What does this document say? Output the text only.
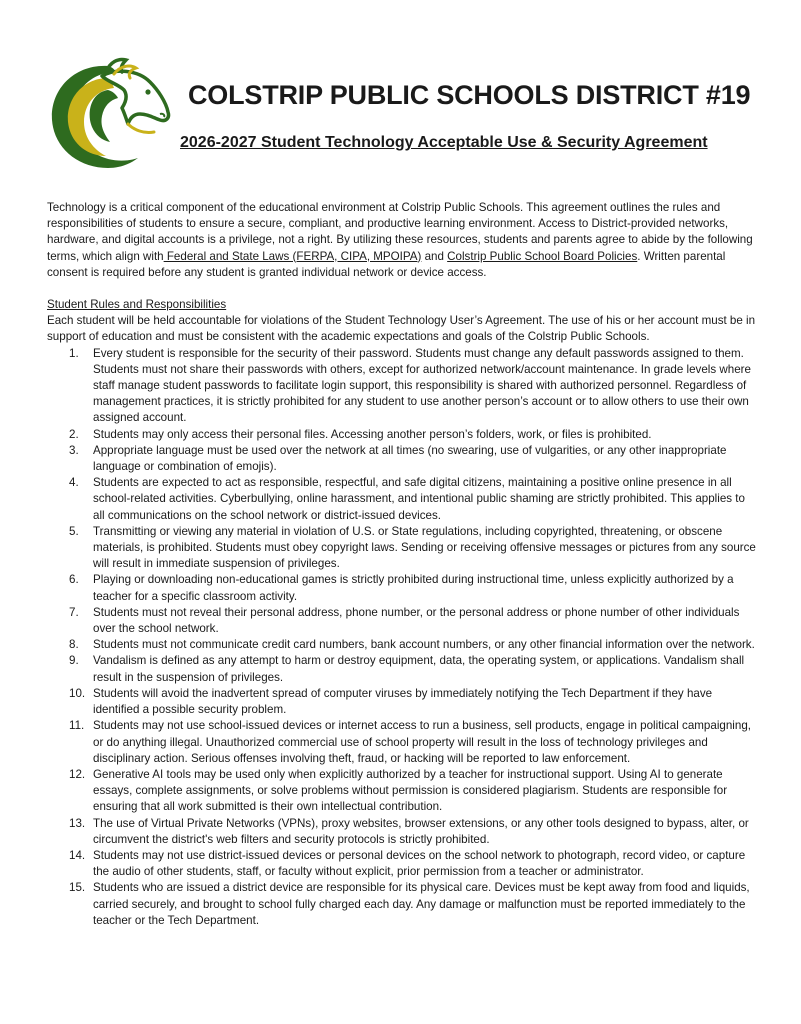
COLSTRIP PUBLIC SCHOOLS DISTRICT #19
2026-2027 Student Technology Acceptable Use & Security Agreement

Technology is a critical component of the educational environment at Colstrip Public Schools. This agreement outlines the rules and responsibilities of students to ensure a secure, compliant, and productive learning environment. Access to District-provided networks, hardware, and digital accounts is a privilege, not a right. By utilizing these resources, students and parents agree to abide by the following terms, which align with Federal and State Laws (FERPA, CIPA, MPOIPA) and Colstrip Public School Board Policies. Written parental consent is required before any student is granted individual network or device access.

Student Rules and Responsibilities

Each student will be held accountable for violations of the Student Technology User’s Agreement. The use of his or her account must be in support of education and must be consistent with the academic expectations and goals of the Colstrip Public Schools.

1.	Every student is responsible for the security of their password. Students must change any default passwords assigned to them. Students must not share their passwords with others, except for authorized network/account maintenance. In grade levels where staff manage student passwords to facilitate login support, this responsibility is shared with authorized personnel. Regardless of management practices, it is strictly prohibited for any student to use another person’s account or to allow others to use their own assigned account.
2.	Students may only access their personal files. Accessing another person’s folders, work, or files is prohibited.
3.	Appropriate language must be used over the network at all times (no swearing, use of vulgarities, or any other inappropriate language or combination of emojis).
4.	Students are expected to act as responsible, respectful, and safe digital citizens, maintaining a positive online presence in all school-related activities. Cyberbullying, online harassment, and intentional public shaming are strictly prohibited. This applies to all communications on the school network or district-issued devices.
5.	Transmitting or viewing any material in violation of U.S. or State regulations, including copyrighted, threatening, or obscene materials, is prohibited. Students must obey copyright laws. Sending or receiving offensive messages or pictures from any source will result in immediate suspension of privileges.
6.	Playing or downloading non-educational games is strictly prohibited during instructional time, unless explicitly authorized by a teacher for a specific classroom activity.
7.	Students must not reveal their personal address, phone number, or the personal address or phone number of other individuals over the school network.
8.	Students must not communicate credit card numbers, bank account numbers, or any other financial information over the network.
9.	Vandalism is defined as any attempt to harm or destroy equipment, data, the operating system, or applications. Vandalism shall result in the suspension of privileges.
10. Students will avoid the inadvertent spread of computer viruses by immediately notifying the Tech Department if they have identified a possible security problem.
11. Students may not use school-issued devices or internet access to run a business, sell products, engage in political campaigning, or do anything illegal. Unauthorized commercial use of school property will result in the loss of technology privileges and disciplinary action. Serious offenses involving theft, fraud, or hacking will be reported to law enforcement.
12. Generative AI tools may be used only when explicitly authorized by a teacher for instructional support. Using AI to generate essays, complete assignments, or solve problems without permission is considered plagiarism. Students are responsible for ensuring that all work submitted is their own intellectual contribution.
13. The use of Virtual Private Networks (VPNs), proxy websites, browser extensions, or any other tools designed to bypass, alter, or circumvent the district's web filters and security protocols is strictly prohibited.
14. Students may not use district-issued devices or personal devices on the school network to photograph, record video, or capture the audio of other students, staff, or faculty without explicit, prior permission from a teacher or administrator.
15. Students who are issued a district device are responsible for its physical care. Devices must be kept away from food and liquids, carried securely, and brought to school fully charged each day. Any damage or malfunction must be reported immediately to the teacher or the Tech Department.
